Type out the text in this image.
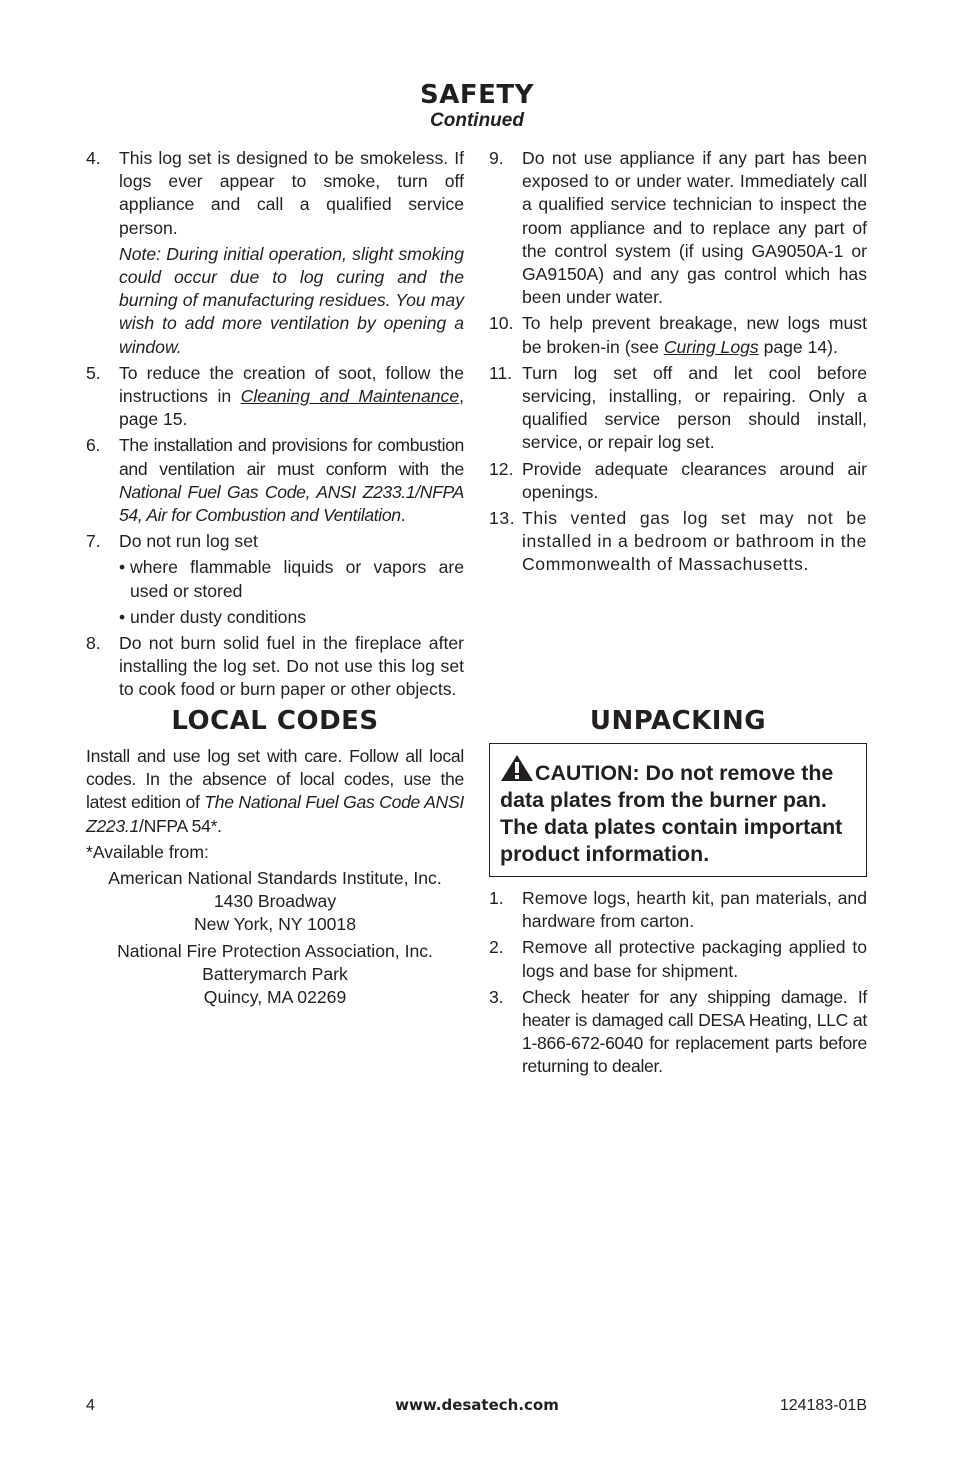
SAFETY
Continued
4.	This log set is designed to be smokeless. If logs ever appear to smoke, turn off appliance and call a qualified service person.
Note: During initial operation, slight smoking could occur due to log curing and the burning of manufacturing residues. You may wish to add more ventilation by opening a window.
5.	To reduce the creation of soot, follow the instructions in Cleaning and Maintenance, page 15.
6.	The installation and provisions for combustion and ventilation air must conform with the National Fuel Gas Code, ANSI Z233.1/NFPA 54, Air for Combustion and Ventilation.
7.	Do not run log set
• where flammable liquids or vapors are used or stored
• under dusty conditions
8.	Do not burn solid fuel in the fireplace after installing the log set. Do not use this log set to cook food or burn paper or other objects.
9.	Do not use appliance if any part has been exposed to or under water. Immediately call a qualified service technician to inspect the room appliance and to replace any part of the control system (if using GA9050A-1 or GA9150A) and any gas control which has been under water.
10. To help prevent breakage, new logs must be broken-in (see Curing Logs page 14).
11. Turn log set off and let cool before servicing, installing, or repairing. Only a qualified service person should install, service, or repair log set.
12. Provide adequate clearances around air openings.
13. This vented gas log set may not be installed in a bedroom or bathroom in the Commonwealth of Massachusetts.
LOCAL CODES
Install and use log set with care. Follow all local codes. In the absence of local codes, use the latest edition of The National Fuel Gas Code ANSI Z223.1/NFPA 54*.
*Available from:
American National Standards Institute, Inc.
1430 Broadway
New York, NY 10018
National Fire Protection Association, Inc.
Batterymarch Park
Quincy, MA 02269
UNPACKING
CAUTION: Do not remove the data plates from the burner pan. The data plates contain important product information.
1.	Remove logs, hearth kit, pan materials, and hardware from carton.
2.	Remove all protective packaging applied to logs and base for shipment.
3.	Check heater for any shipping damage. If heater is damaged call DESA Heating, LLC at 1-866-672-6040 for replacement parts before returning to dealer.
4	www.desatech.com	124183-01B
